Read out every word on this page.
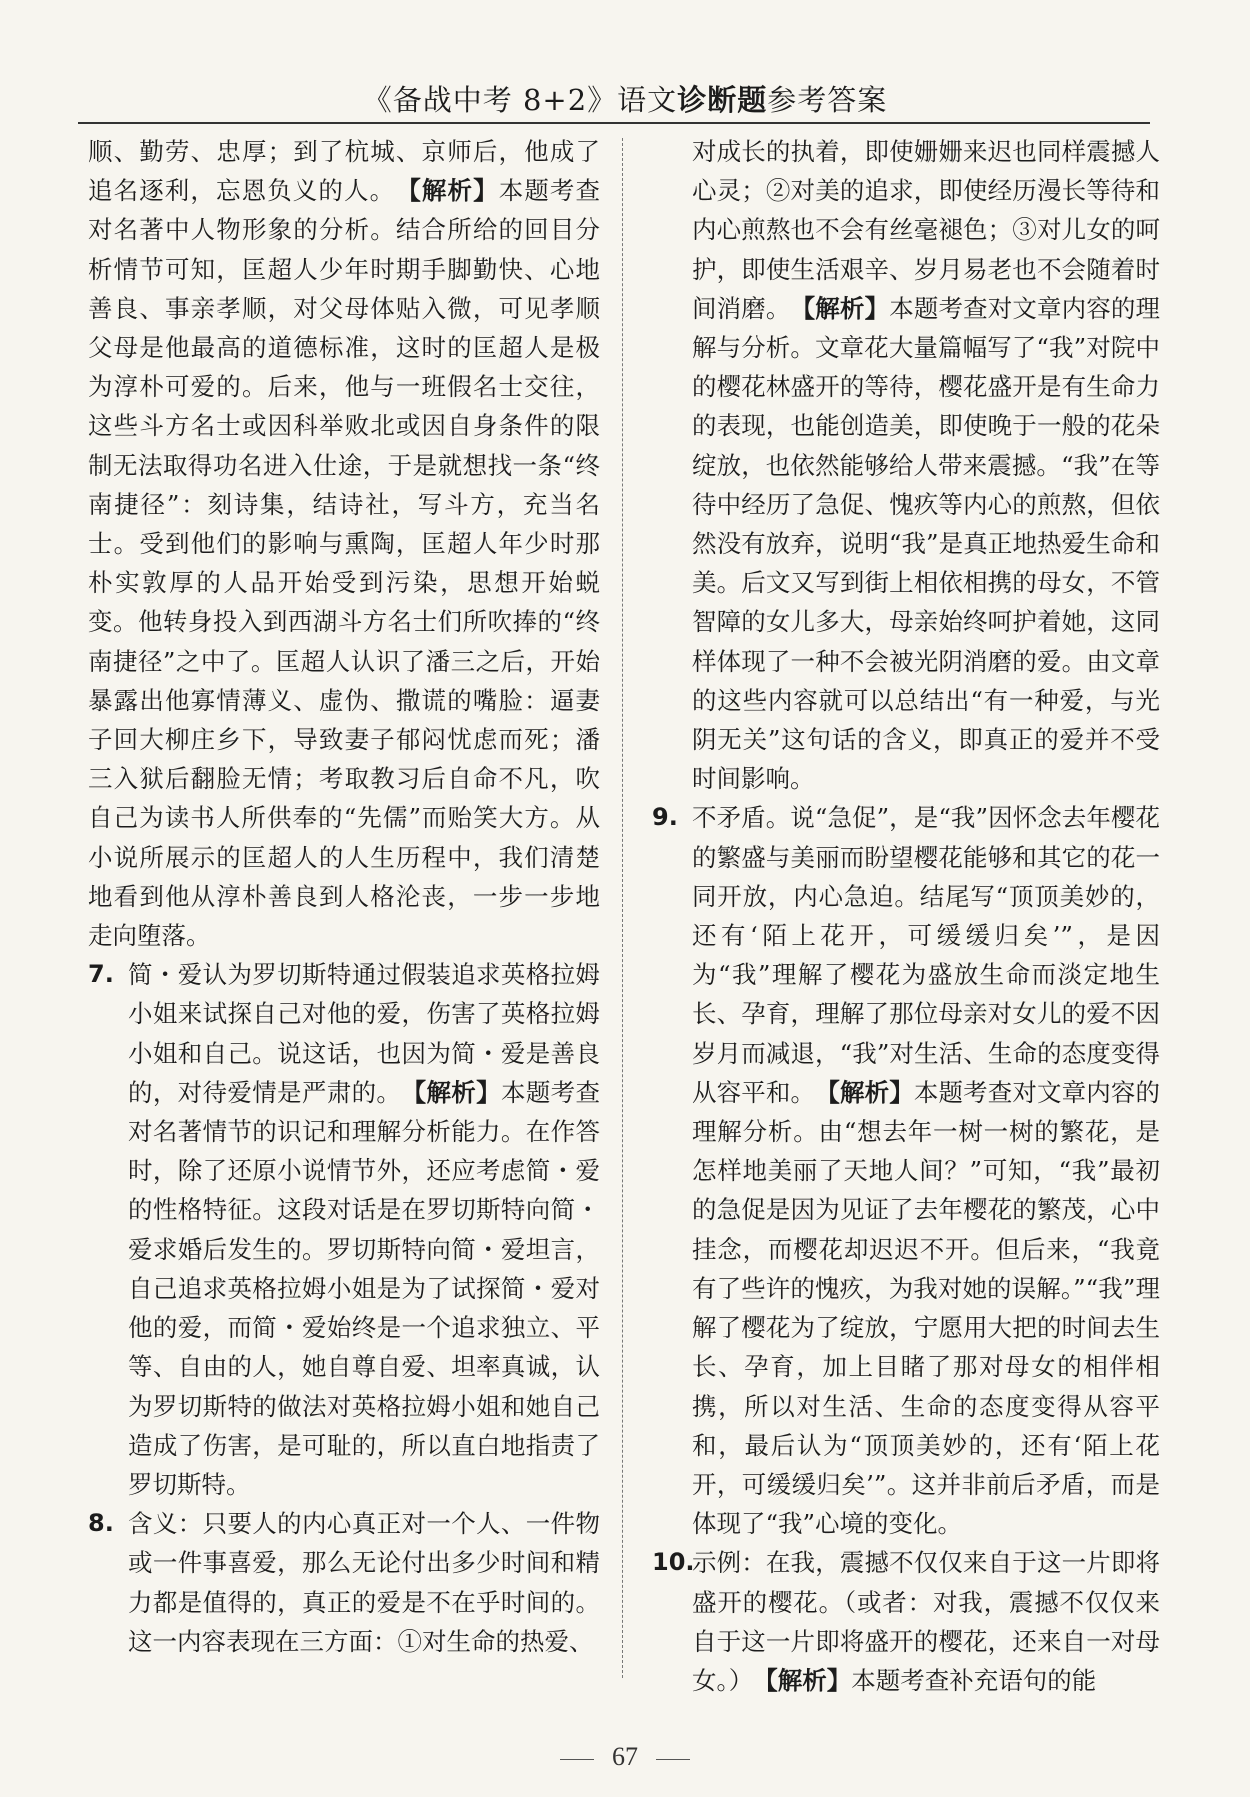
《备战中考 8+2》语文诊断题参考答案

顺、勤劳、忠厚；到了杭城、京师后，他成了追名逐利，忘恩负义的人。　 【解析】本题考查对名著中人物形象的分析。结合所给的回目分析情节可知，匡超人少年时期手脚勤快、心地善良、事亲孝顺，对父母体贴入微，可见孝顺父母是他最高的道德标准，这时的匡超人是极为淳朴可爱的。后来，他与一班假名士交往，这些斗方名士或因科举败北或因自身条件的限制无法取得功名进入仕途，于是就想找一条“终南捷径”：刻诗集，结诗社，写斗方，充当名士。受到他们的影响与熏陶，匡超人年少时那朴实敦厚的人品开始受到污染，思想开始蜕变。他转身投入到西湖斗方名士们所吹捧的“终南捷径”之中了。匡超人认识了潘三之后，开始暴露出他寡情薄义、虚伪、撒谎的嘴脸：逼妻子回大柳庄乡下，导致妻子郁闷忧虑而死；潘三入狱后翻脸无情；考取教习后自命不凡，吹自己为读书人所供奉的“先儒”而贻笑大方。从小说所展示的匡超人的人生历程中，我们清楚地看到他从淳朴善良到人格沦丧，一步一步地走向堕落。

7. 简・爱认为罗切斯特通过假装追求英格拉姆小姐来试探自己对他的爱，伤害了英格拉姆小姐和自己。说这话，也因为简・爱是善良的，对待爱情是严肃的。　 【解析】本题考查对名著情节的识记和理解分析能力。在作答时，除了还原小说情节外，还应考虑简・爱的性格特征。这段对话是在罗切斯特向简・爱求婚后发生的。罗切斯特向简・爱坦言，自己追求英格拉姆小姐是为了试探简・爱对他的爱，而简・爱始终是一个追求独立、平等、自由的人，她自尊自爱、坦率真诚，认为罗切斯特的做法对英格拉姆小姐和她自己造成了伤害，是可耻的，所以直白地指责了罗切斯特。

8. 含义：只要人的内心真正对一个人、一件物或一件事喜爱，那么无论付出多少时间和精力都是值得的，真正的爱是不在乎时间的。这一内容表现在三方面：①对生命的热爱、

对成长的执着，即使姗姗来迟也同样震撼人心灵；②对美的追求，即使经历漫长等待和内心煎熬也不会有丝毫褪色；③对儿女的呵护，即使生活艰辛、岁月易老也不会随着时间消磨。　 【解析】本题考查对文章内容的理解与分析。文章花大量篇幅写了“我”对院中的樱花林盛开的等待，樱花盛开是有生命力的表现，也能创造美，即使晚于一般的花朵绽放，也依然能够给人带来震撼。“我”在等待中经历了急促、愧疚等内心的煎熬，但依然没有放弃，说明“我”是真正地热爱生命和美。后文又写到街上相依相携的母女，不管智障的女儿多大，母亲始终呵护着她，这同样体现了一种不会被光阴消磨的爱。由文章的这些内容就可以总结出“有一种爱，与光阴无关”这句话的含义，即真正的爱并不受时间影响。

9. 不矛盾。说“急促”，是“我”因怀念去年樱花的繁盛与美丽而盼望樱花能够和其它的花一同开放，内心急迫。结尾写“顶顶美妙的，还有‘陌上花开，可缓缓归矣’”，是因为“我”理解了樱花为盛放生命而淡定地生长、孕育，理解了那位母亲对女儿的爱不因岁月而减退，“我”对生活、生命的态度变得从容平和。　 【解析】本题考查对文章内容的理解分析。由“想去年一树一树的繁花，是怎样地美丽了天地人间？”可知，“我”最初的急促是因为见证了去年樱花的繁茂，心中挂念，而樱花却迟迟不开。但后来，“我竟有了些许的愧疚，为我对她的误解。”“我”理解了樱花为了绽放，宁愿用大把的时间去生长、孕育，加上目睹了那对母女的相伴相携，所以对生活、生命的态度变得从容平和，最后认为“顶顶美妙的，还有‘陌上花开，可缓缓归矣’”。这并非前后矛盾，而是体现了“我”心境的变化。

10.
示例：在我，震撼不仅仅来自于这一片即将盛开的樱花。（或者：对我，震撼不仅仅来自于这一片即将盛开的樱花，还来自一对母女。）　 【解析】本题考查补充语句的能

67
